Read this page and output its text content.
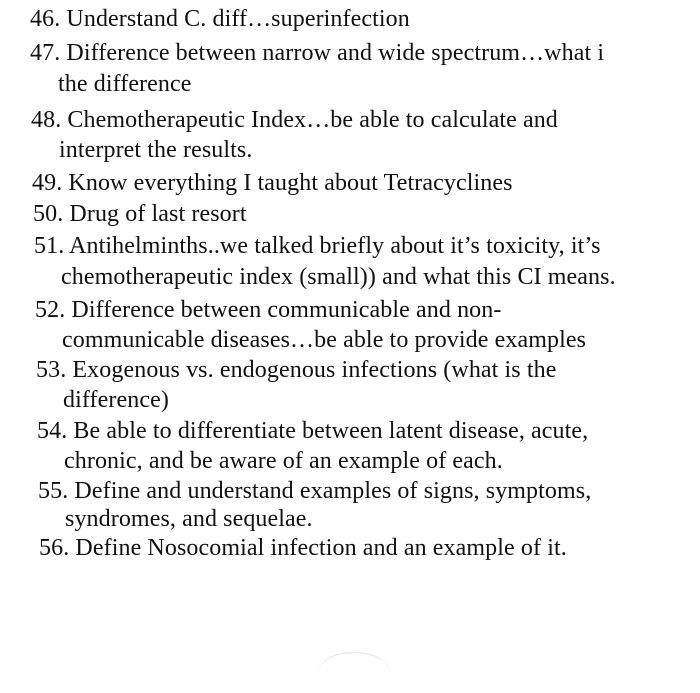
46. Understand C. diff…superinfection
47. Difference between narrow and wide spectrum…what i
the difference
48. Chemotherapeutic Index…be able to calculate and
interpret the results.
49. Know everything I taught about Tetracyclines
50. Drug of last resort
51. Antihelminths..we talked briefly about it’s toxicity, it’s
chemotherapeutic index (small)) and what this CI means.
52. Difference between communicable and non-
communicable diseases…be able to provide examples
53. Exogenous vs. endogenous infections (what is the
difference)
54. Be able to differentiate between latent disease, acute,
chronic, and be aware of an example of each.
55. Define and understand examples of signs, symptoms,
syndromes, and sequelae.
56. Define Nosocomial infection and an example of it.
